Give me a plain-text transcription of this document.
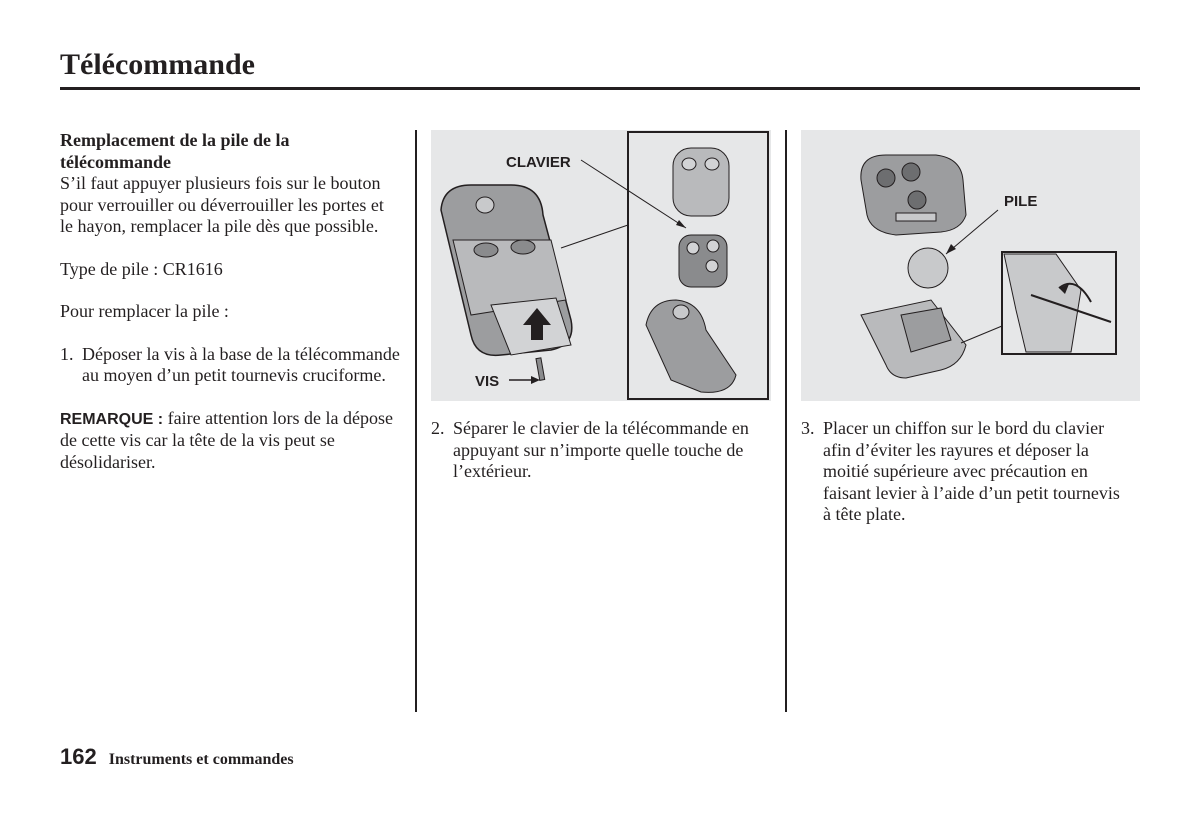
Télécommande

Remplacement de la pile de la télécommande

S’il faut appuyer plusieurs fois sur le bouton pour verrouiller ou déverrouiller les portes et le hayon, remplacer la pile dès que possible.

Type de pile : CR1616

Pour remplacer la pile :

1. Déposer la vis à la base de la télécommande au moyen d’un petit tournevis cruciforme.

REMARQUE : faire attention lors de la dépose de cette vis car la tête de la vis peut se désolidariser.

CLAVIER
VIS
PILE
2. Séparer le clavier de la télécommande en appuyant sur n’importe quelle touche de l’extérieur.
3. Placer un chiffon sur le bord du clavier afin d’éviter les rayures et déposer la moitié supérieure avec précaution en faisant levier à l’aide d’un petit tournevis à tête plate.
162 Instruments et commandes
